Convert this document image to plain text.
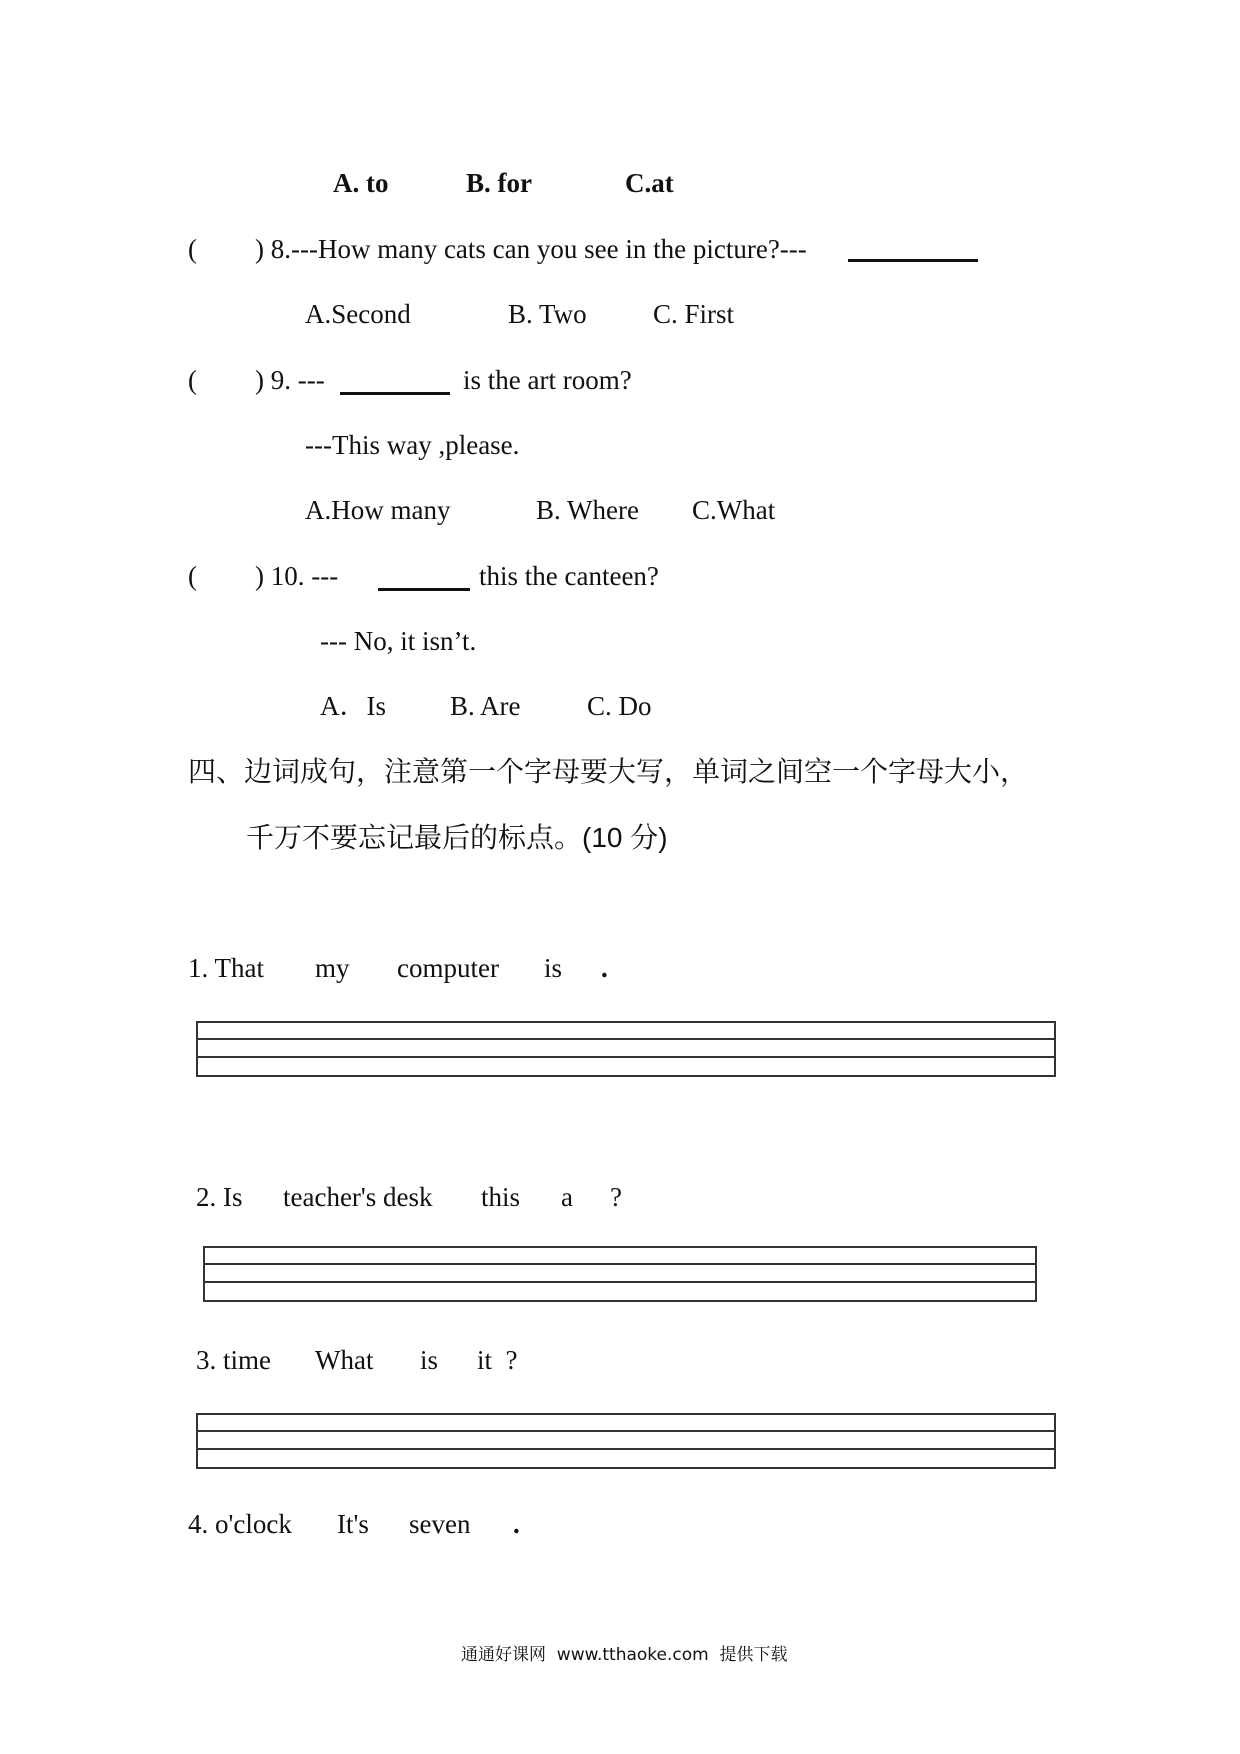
A. to	B. for	C.at
( ) 8.---How many cats can you see in the picture?---
A.Second	B. Two C. First
( ) 9. ---	is the art room?
---This way ,please.
A.How many	B. Where C.What
( ) 10. ---	this the canteen?
--- No, it isn’t.
A．Is B. Are C. Do
四、边词成句，注意第一个字母要大写，单词之间空一个字母大小，
千万不要忘记最后的标点。(10 分)
1. That my computer is .
2. Is teacher's desk this a ?
3. time What is it  ?
4. o'clock It's seven .
通通好课网  www.tthaoke.com  提供下载
